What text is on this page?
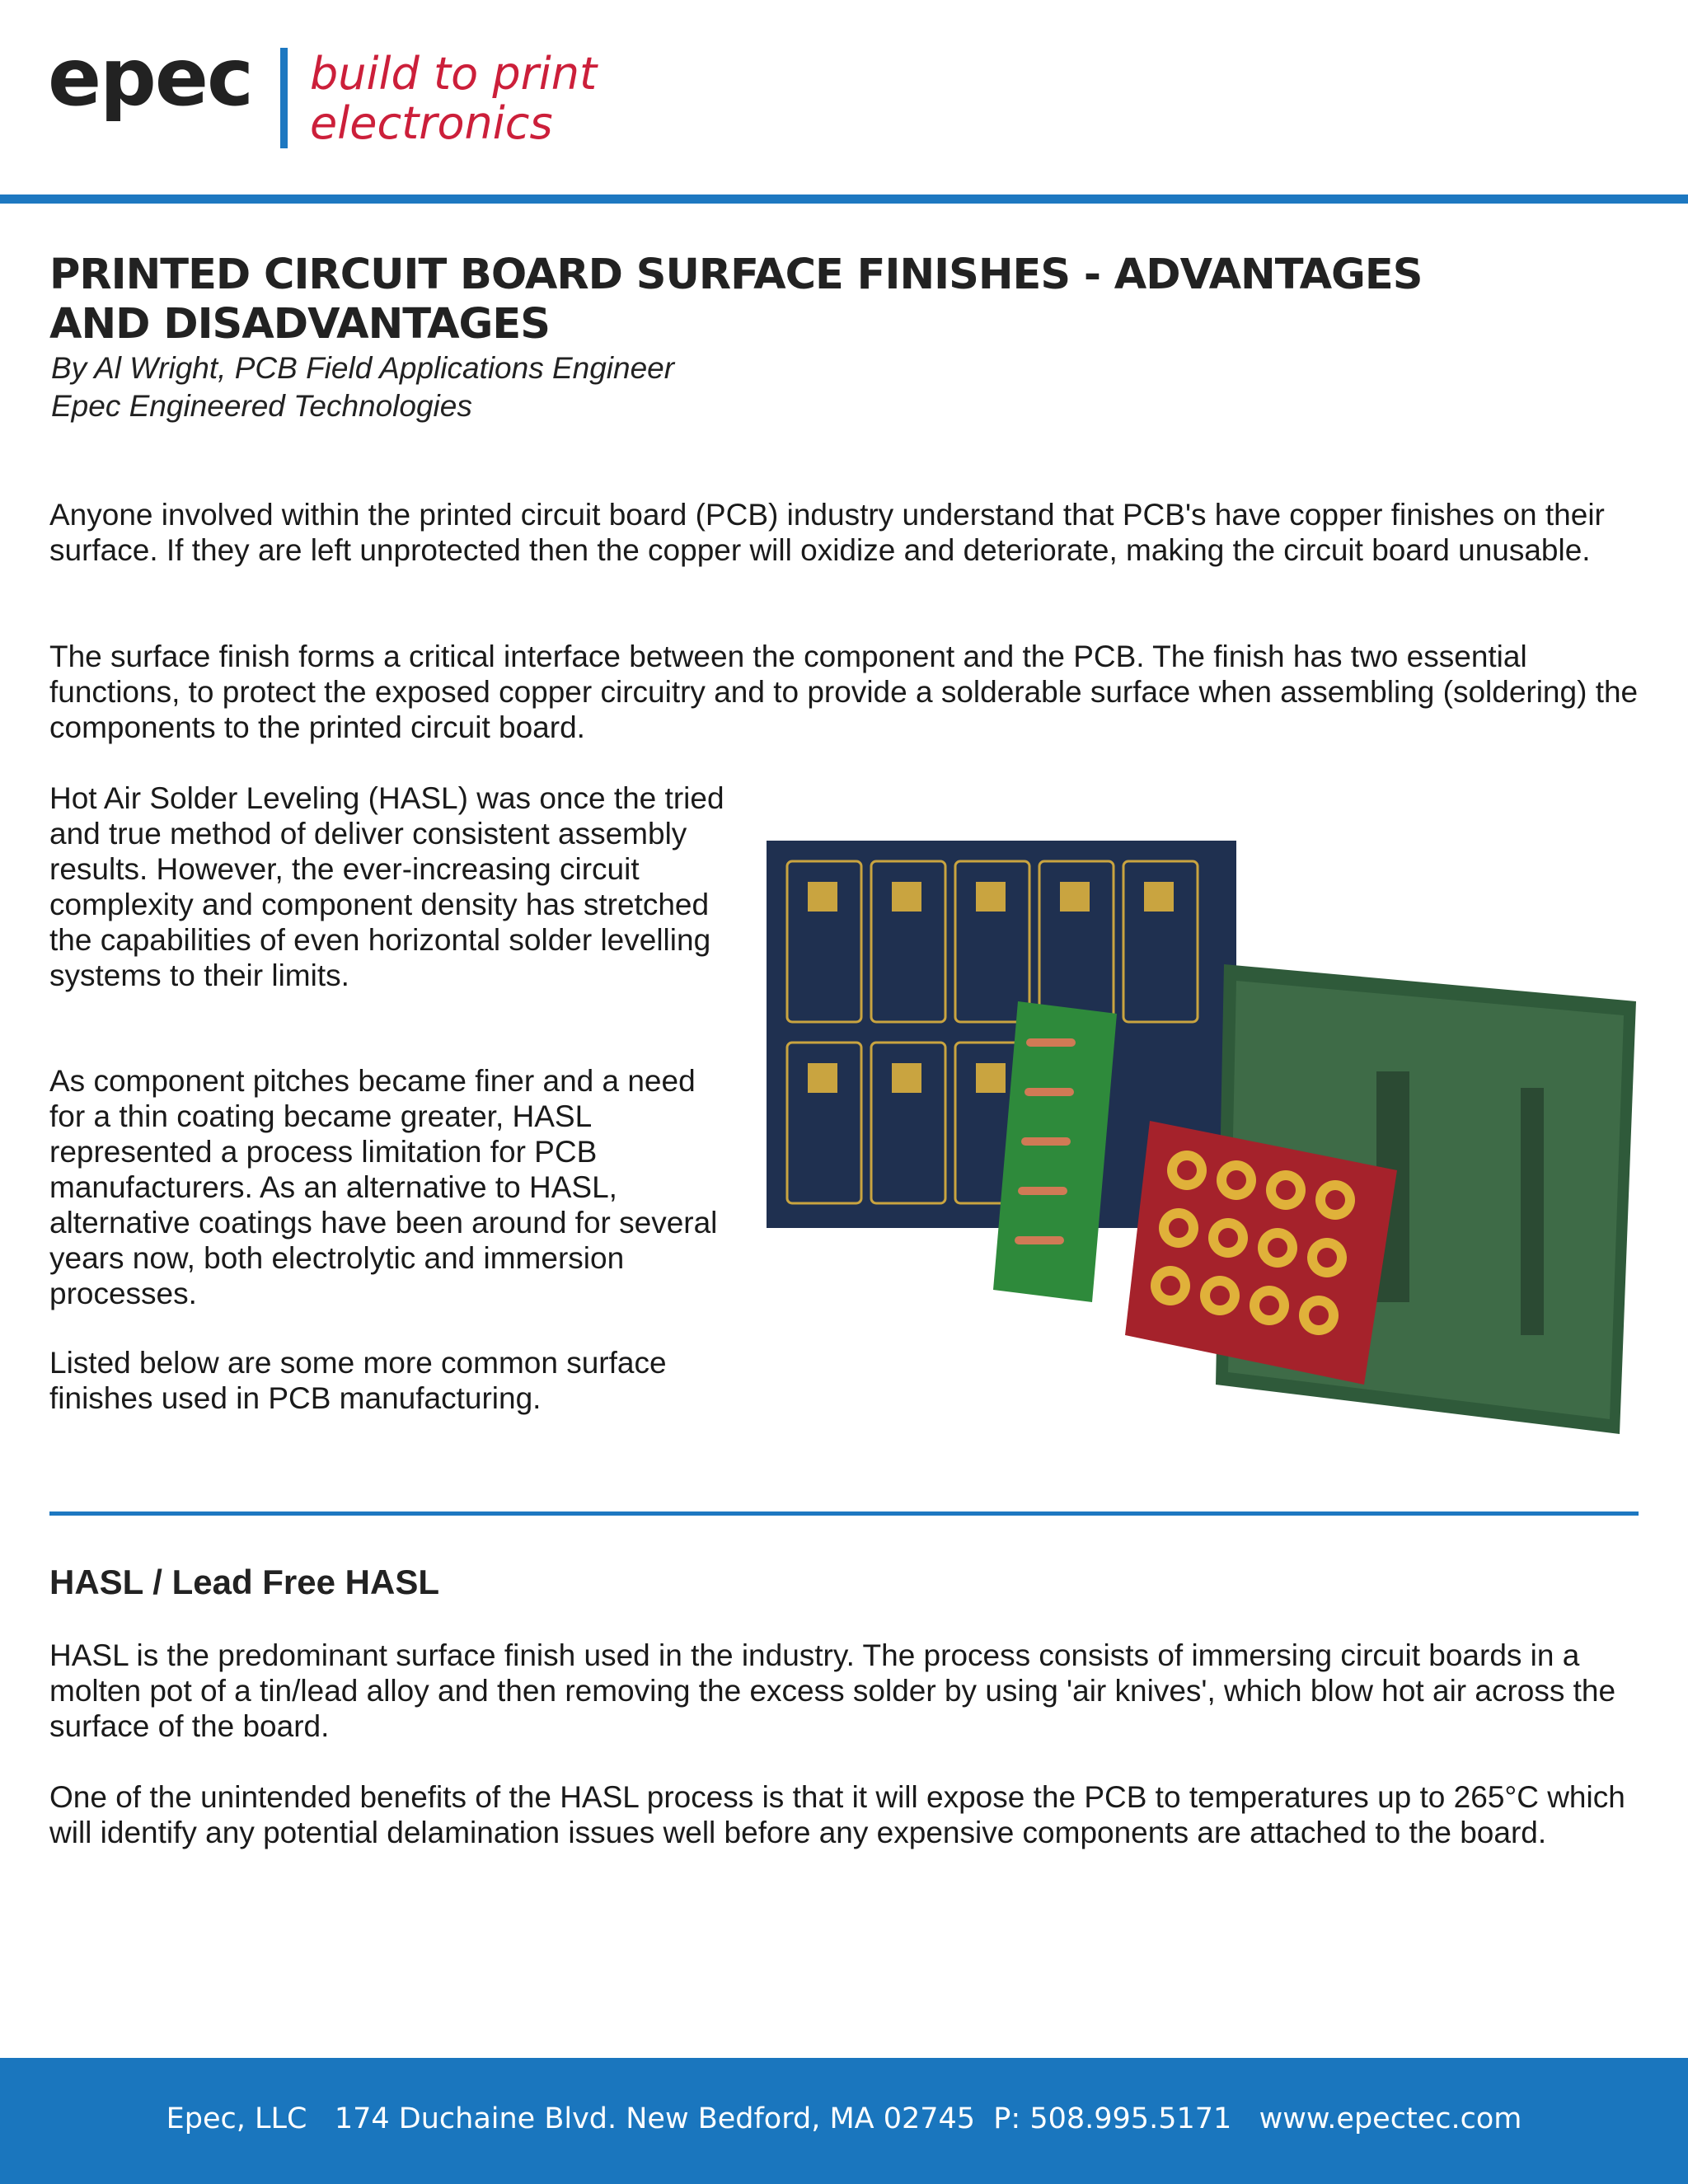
epec build to print
electronics

PRINTED CIRCUIT BOARD SURFACE FINISHES - ADVANTAGES AND DISADVANTAGES

By Al Wright, PCB Field Applications Engineer
Epec Engineered Technologies

Anyone involved within the printed circuit board (PCB) industry understand that PCB's have copper finishes on their surface. If they are left unprotected then the copper will oxidize and deteriorate, making the circuit board unusable.

The surface finish forms a critical interface between the component and the PCB. The finish has two essential functions, to protect the exposed copper circuitry and to provide a solderable surface when assembling (soldering) the components to the printed circuit board.

Hot Air Solder Leveling (HASL) was once the tried and true method of deliver consistent assembly results. However, the ever-increasing circuit complexity and component density has stretched the capabilities of even horizontal solder levelling systems to their limits.

As component pitches became finer and a need for a thin coating became greater, HASL represented a process limitation for PCB manufacturers. As an alternative to HASL, alternative coatings have been around for several years now, both electrolytic and immersion processes.

Listed below are some more common surface finishes used in PCB manufacturing.

HASL / Lead Free HASL

HASL is the predominant surface finish used in the industry. The process consists of immersing circuit boards in a molten pot of a tin/lead alloy and then removing the excess solder by using 'air knives', which blow hot air across the surface of the board.

One of the unintended benefits of the HASL process is that it will expose the PCB to temperatures up to 265°C which will identify any potential delamination issues well before any expensive components are attached to the board.

Epec, LLC   174 Duchaine Blvd. New Bedford, MA 02745  P: 508.995.5171   www.epectec.com
